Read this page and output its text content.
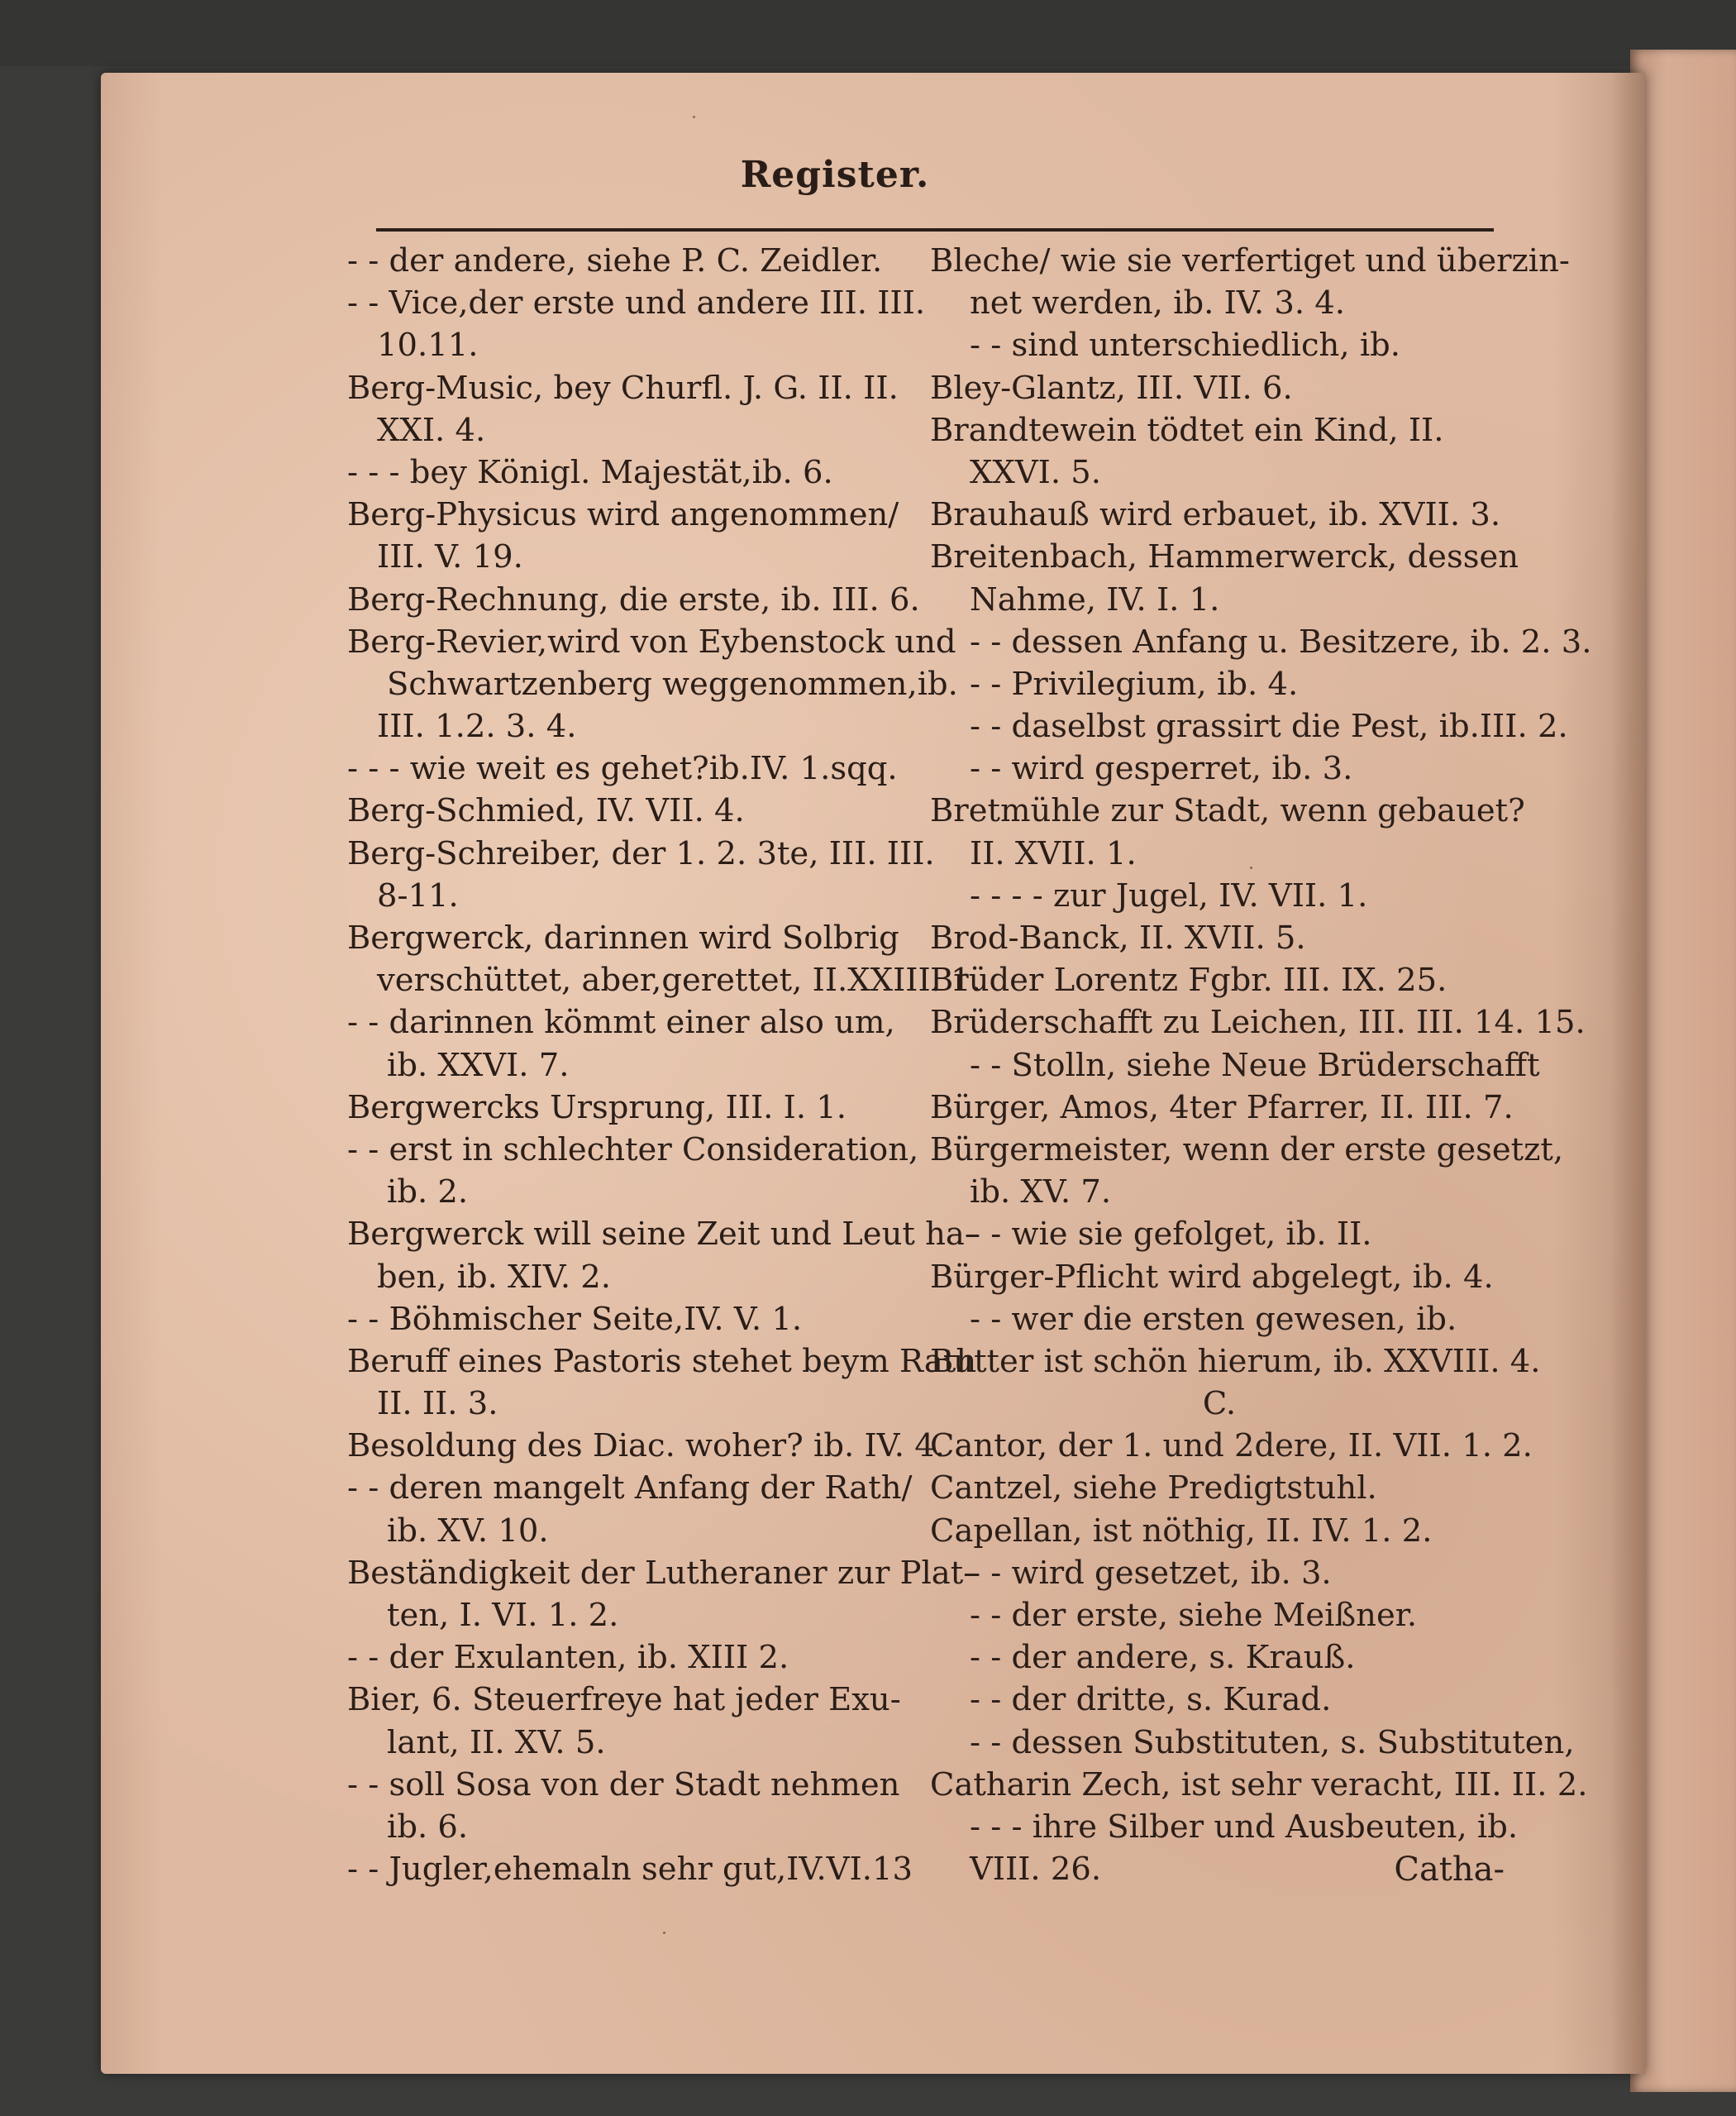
Register.
- - der andere, siehe P. C. Zeidler.
- - Vice,der erste und andere III. III.
10.11.
Berg-Music, bey Churfl. J. G. II. II.
XXI. 4.
- - - bey Königl. Majestät,ib. 6.
Berg-Physicus wird angenommen/
III. V. 19.
Berg-Rechnung, die erste, ib. III. 6.
Berg-Revier,wird von Eybenstock und
Schwartzenberg weggenommen,ib.
III. 1.2. 3. 4.
- - - wie weit es gehet?ib.IV. 1.sqq.
Berg-Schmied, IV. VII. 4.
Berg-Schreiber, der 1. 2. 3te, III. III.
8-11.
Bergwerck, darinnen wird Solbrig
verschüttet, aber,gerettet, II.XXIII. 1.
- - darinnen kömmt einer also um,
ib. XXVI. 7.
Bergwercks Ursprung, III. I. 1.
- - erst in schlechter Consideration,
ib. 2.
Bergwerck will seine Zeit und Leut ha-
ben, ib. XIV. 2.
- - Böhmischer Seite,IV. V. 1.
Beruff eines Pastoris stehet beym Rath
II. II. 3.
Besoldung des Diac. woher? ib. IV. 4.
- - deren mangelt Anfang der Rath/
ib. XV. 10.
Beständigkeit der Lutheraner zur Plat-
ten, I. VI. 1. 2.
- - der Exulanten, ib. XIII 2.
Bier, 6. Steuerfreye hat jeder Exu-
lant, II. XV. 5.
- - soll Sosa von der Stadt nehmen
ib. 6.
- - Jugler,ehemaln sehr gut,IV.VI.13
Bleche/ wie sie verfertiget und überzin-
net werden, ib. IV. 3. 4.
- - sind unterschiedlich, ib.
Bley-Glantz, III. VII. 6.
Brandtewein tödtet ein Kind, II.
XXVI. 5.
Brauhauß wird erbauet, ib. XVII. 3.
Breitenbach, Hammerwerck, dessen
Nahme, IV. I. 1.
- - dessen Anfang u. Besitzere, ib. 2. 3.
- - Privilegium, ib. 4.
- - daselbst grassirt die Pest, ib.III. 2.
- - wird gesperret, ib. 3.
Bretmühle zur Stadt, wenn gebauet?
II. XVII. 1.
- - - - zur Jugel, IV. VII. 1.
Brod-Banck, II. XVII. 5.
Brüder Lorentz Fgbr. III. IX. 25.
Brüderschafft zu Leichen, III. III. 14. 15.
- - Stolln, siehe Neue Brüderschafft
Bürger, Amos, 4ter Pfarrer, II. III. 7.
Bürgermeister, wenn der erste gesetzt,
ib. XV. 7.
- - wie sie gefolget, ib. II.
Bürger-Pflicht wird abgelegt, ib. 4.
- - wer die ersten gewesen, ib.
Butter ist schön hierum, ib. XXVIII. 4.
C.
Cantor, der 1. und 2dere, II. VII. 1. 2.
Cantzel, siehe Predigtstuhl.
Capellan, ist nöthig, II. IV. 1. 2.
- - wird gesetzet, ib. 3.
- - der erste, siehe Meißner.
- - der andere, s. Krauß.
- - der dritte, s. Kurad.
- - dessen Substituten, s. Substituten,
Catharin Zech, ist sehr veracht, III. II. 2.
- - - ihre Silber und Ausbeuten, ib.
VIII. 26.	Catha-
